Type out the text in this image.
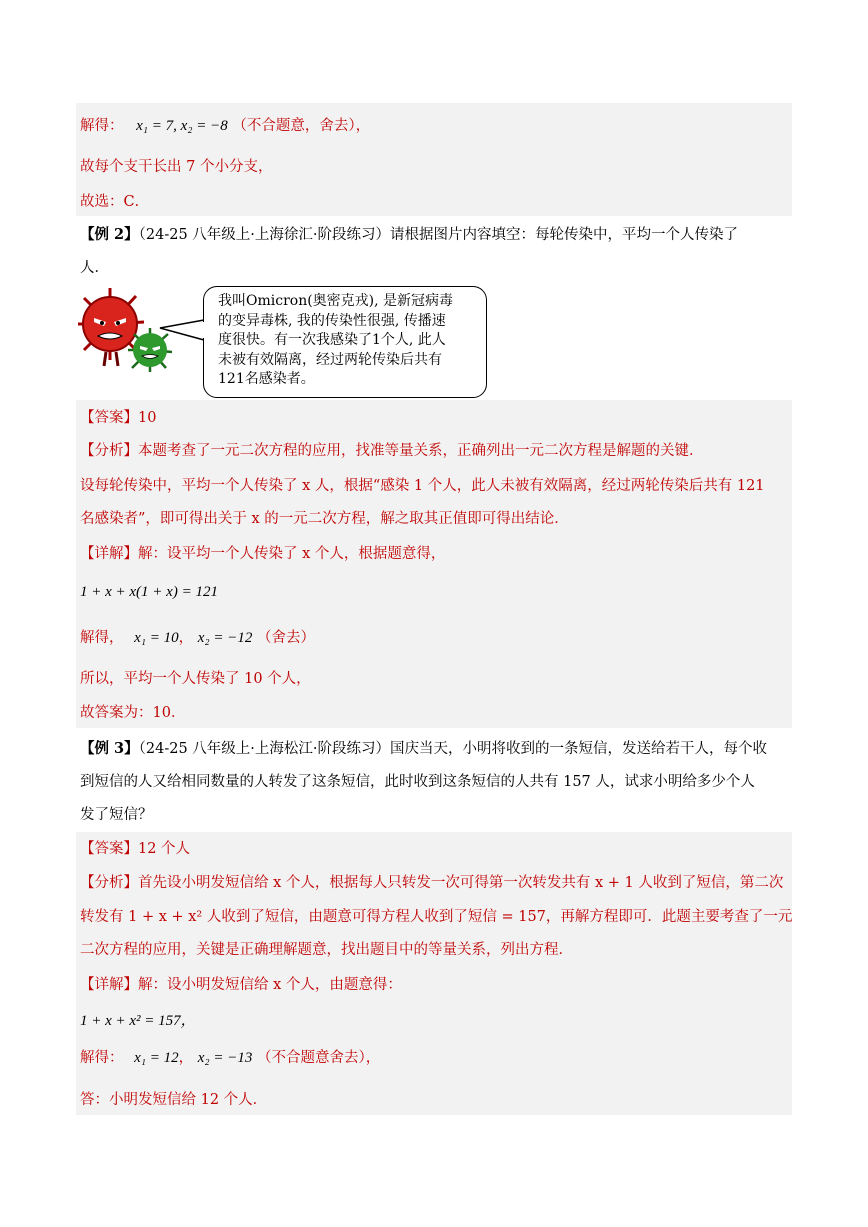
解得： x₁ = 7, x₂ = −8 （不合题意，舍去），
故每个支干长出 7 个小分支，
故选：C．
【例 2】（24-25 八年级上·上海徐汇·阶段练习）请根据图片内容填空：每轮传染中，平均一个人传染了
人．
我叫Omicron(奥密克戎), 是新冠病毒
的变异毒株, 我的传染性很强, 传播速
度很快。有一次我感染了1个人, 此人
未被有效隔离，经过两轮传染后共有
121名感染者。
【答案】10
【分析】本题考查了一元二次方程的应用，找准等量关系，正确列出一元二次方程是解题的关键．
设每轮传染中，平均一个人传染了 x 人，根据“感染 1 个人，此人未被有效隔离，经过两轮传染后共有 121
名感染者”，即可得出关于 x 的一元二次方程，解之取其正值即可得出结论．
【详解】解：设平均一个人传染了 x 个人，根据题意得，
1 + x + x(1 + x) = 121
解得， x₁ = 10， x₂ = −12 （舍去）
所以，平均一个人传染了 10 个人，
故答案为：10．
【例 3】（24-25 八年级上·上海松江·阶段练习）国庆当天，小明将收到的一条短信，发送给若干人，每个收
到短信的人又给相同数量的人转发了这条短信，此时收到这条短信的人共有 157 人，试求小明给多少个人
发了短信？
【答案】12 个人
【分析】首先设小明发短信给 x 个人，根据每人只转发一次可得第一次转发共有 x + 1 人收到了短信，第二次
转发有 1 + x + x² 人收到了短信，由题意可得方程人收到了短信 = 157，再解方程即可．此题主要考查了一元
二次方程的应用，关键是正确理解题意，找出题目中的等量关系，列出方程．
【详解】解：设小明发短信给 x 个人，由题意得：
1 + x + x² = 157，
解得： x₁ = 12， x₂ = −13 （不合题意舍去），
答：小明发短信给 12 个人．
